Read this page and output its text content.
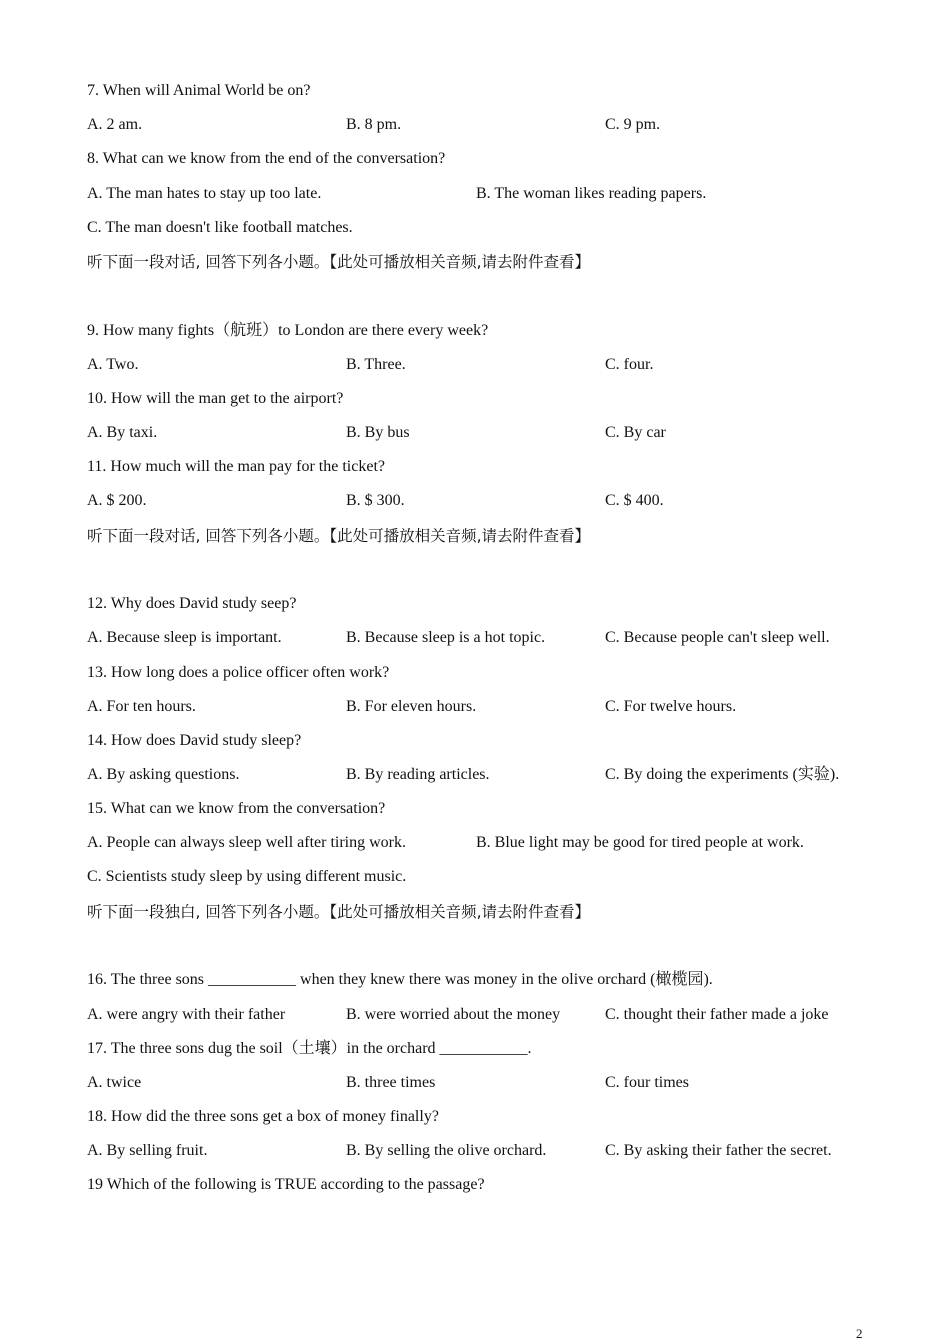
7. When will Animal World be on?
A. 2 am.	B. 8 pm.	C. 9 pm.
8. What can we know from the end of the conversation?
A. The man hates to stay up too late.	B. The woman likes reading papers.
C. The man doesn't like football matches.
听下面一段对话, 回答下列各小题。【此处可播放相关音频,请去附件查看】
9. How many fights（航班）to London are there every week?
A. Two.	B. Three.	C. four.
10. How will the man get to the airport?
A. By taxi.	B. By bus	C. By car
11. How much will the man pay for the ticket?
A. $ 200.	B. $ 300.	C. $ 400.
听下面一段对话, 回答下列各小题。【此处可播放相关音频,请去附件查看】
12. Why does David study seep?
A. Because sleep is important.	B. Because sleep is a hot topic.	C. Because people can't sleep well.
13. How long does a police officer often work?
A. For ten hours.	B. For eleven hours.	C. For twelve hours.
14. How does David study sleep?
A. By asking questions.	B. By reading articles.	C. By doing the experiments (实验).
15. What can we know from the conversation?
A. People can always sleep well after tiring work.	B. Blue light may be good for tired people at work.
C. Scientists study sleep by using different music.
听下面一段独白, 回答下列各小题。【此处可播放相关音频,请去附件查看】
16. The three sons ___________ when they knew there was money in the olive orchard (橄榄园).
A. were angry with their father	B. were worried about the money	C. thought their father made a joke
17. The three sons dug the soil（土壤）in the orchard ___________.
A. twice	B. three times	C. four times
18. How did the three sons get a box of money finally?
A. By selling fruit.	B. By selling the olive orchard.	C. By asking their father the secret.
19 Which of the following is TRUE according to the passage?
2
